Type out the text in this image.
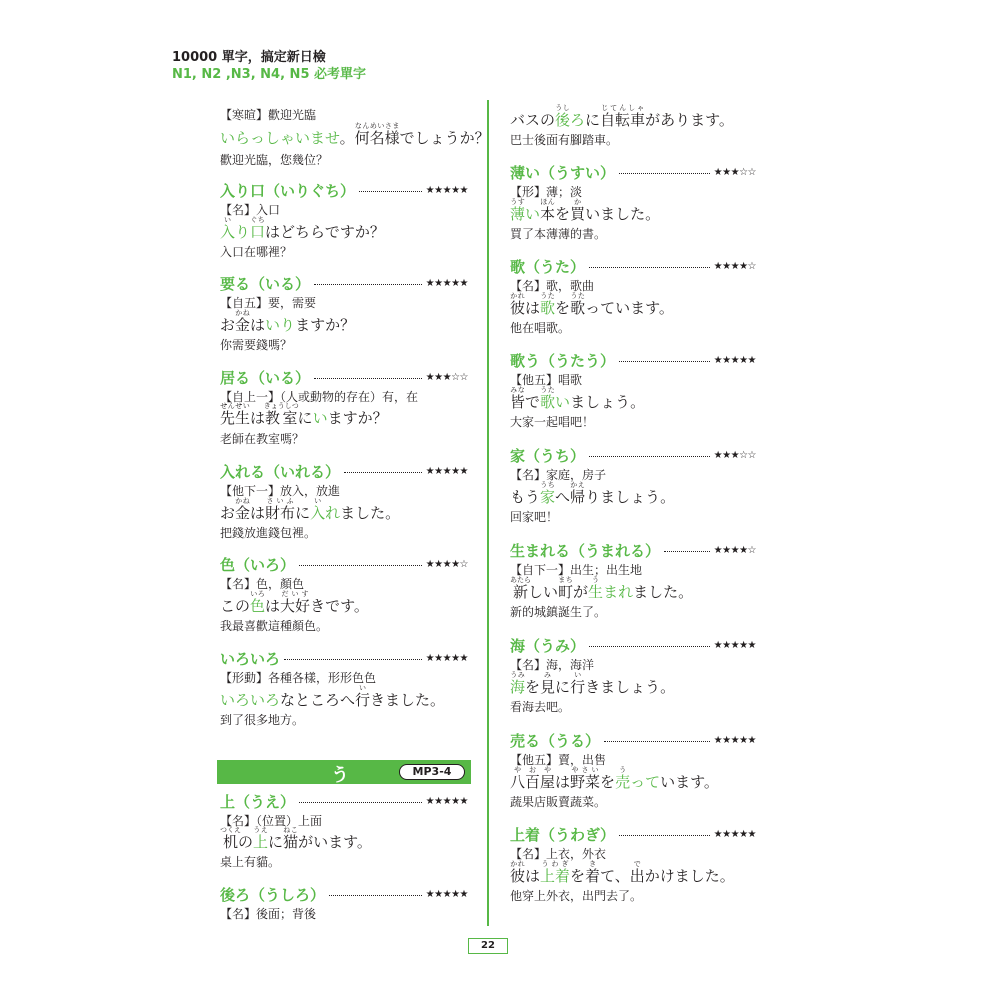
10000 單字，搞定新日檢
N1, N2 ,N3, N4, N5 必考單字
【寒暄】歡迎光臨
いらっしゃいませ。何名様なんめいさまでしょうか？
歡迎光臨，您幾位？
入り口（いりぐち）	★★★★★
【名】入口
入いり口ぐちはどちらですか？
入口在哪裡？
要る（いる）	★★★★★
【自五】要，需要
お金かねはいりますか？
你需要錢嗎？
居る（いる）	★★★☆☆
【自上一】（人或動物的存在）有，在
先生せんせいは教室きょうしつにいますか？
老師在教室嗎？
入れる（いれる）	★★★★★
【他下一】放入，放進
お金かねは財布さいふに入いれました。
把錢放進錢包裡。
色（いろ）	★★★★☆
【名】色，顏色
この色いろは大好だいすきです。
我最喜歡這種顏色。
いろいろ	★★★★★
【形動】各種各樣，形形色色
いろいろなところへ行いきました。
到了很多地方。
上（うえ）	★★★★★
【名】（位置）上面
机つくえの上うえに猫ねこがいます。
桌上有貓。
後ろ（うしろ）	★★★★★
【名】後面；背後
う	MP3-4
バスの後うしろに自転車じてんしゃがあります。
巴士後面有腳踏車。
薄い（うすい）	★★★☆☆
【形】薄；淡
薄うすい本ほんを買かいました。
買了本薄薄的書。
歌（うた）	★★★★☆
【名】歌，歌曲
彼かれは歌うたを歌うたっています。
他在唱歌。
歌う（うたう）	★★★★★
【他五】唱歌
皆みなで歌うたいましょう。
大家一起唱吧！
家（うち）	★★★☆☆
【名】家庭，房子
もう家うちへ帰かえりましょう。
回家吧！
生まれる（うまれる）	★★★★☆
【自下一】出生；出生地
新あたらしい町まちが生うまれました。
新的城鎮誕生了。
海（うみ）	★★★★★
【名】海，海洋
海うみを見みに行いきましょう。
看海去吧。
売る（うる）	★★★★★
【他五】賣，出售
八百屋やおやは野菜やさいを売うっています。
蔬果店販賣蔬菜。
上着（うわぎ）	★★★★★
【名】上衣，外衣
彼かれは上着うわぎを着きて、出でかけました。
他穿上外衣，出門去了。
22
